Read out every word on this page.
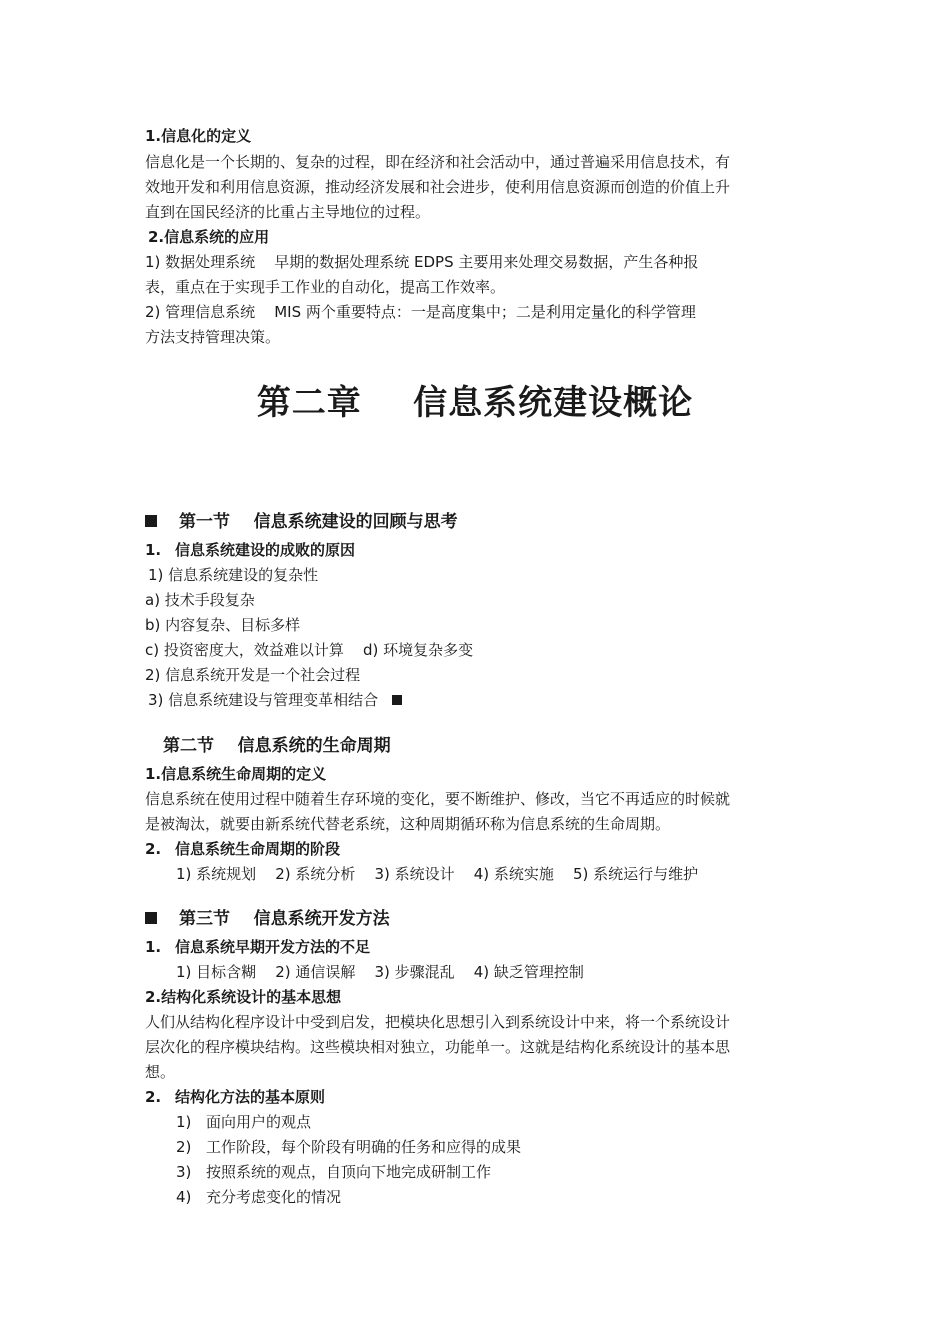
1.信息化的定义
信息化是一个长期的、复杂的过程，即在经济和社会活动中，通过普遍采用信息技术，有
效地开发和利用信息资源，推动经济发展和社会进步，使利用信息资源而创造的价值上升
直到在国民经济的比重占主导地位的过程。
2.信息系统的应用
1) 数据处理系统    早期的数据处理系统 EDPS 主要用来处理交易数据，产生各种报
表，重点在于实现手工作业的自动化，提高工作效率。
2) 管理信息系统    MIS 两个重要特点：一是高度集中；二是利用定量化的科学管理
方法支持管理决策。
第二章    信息系统建设概论
第一节    信息系统建设的回顾与思考
1. 信息系统建设的成败的原因
1) 信息系统建设的复杂性
a) 技术手段复杂
b) 内容复杂、目标多样
c) 投资密度大，效益难以计算    d) 环境复杂多变
2) 信息系统开发是一个社会过程
3) 信息系统建设与管理变革相结合
第二节    信息系统的生命周期
1.信息系统生命周期的定义
信息系统在使用过程中随着生存环境的变化，要不断维护、修改，当它不再适应的时候就
是被淘汰，就要由新系统代替老系统，这种周期循环称为信息系统的生命周期。
2. 信息系统生命周期的阶段
1) 系统规划    2) 系统分析    3) 系统设计    4) 系统实施    5) 系统运行与维护
第三节    信息系统开发方法
1. 信息系统早期开发方法的不足
1) 目标含糊    2) 通信误解    3) 步骤混乱    4) 缺乏管理控制
2.结构化系统设计的基本思想
人们从结构化程序设计中受到启发，把模块化思想引入到系统设计中来，将一个系统设计
层次化的程序模块结构。这些模块相对独立，功能单一。这就是结构化系统设计的基本思
想。
2. 结构化方法的基本原则
1) 面向用户的观点
2) 工作阶段，每个阶段有明确的任务和应得的成果
3) 按照系统的观点，自顶向下地完成研制工作
4) 充分考虑变化的情况
